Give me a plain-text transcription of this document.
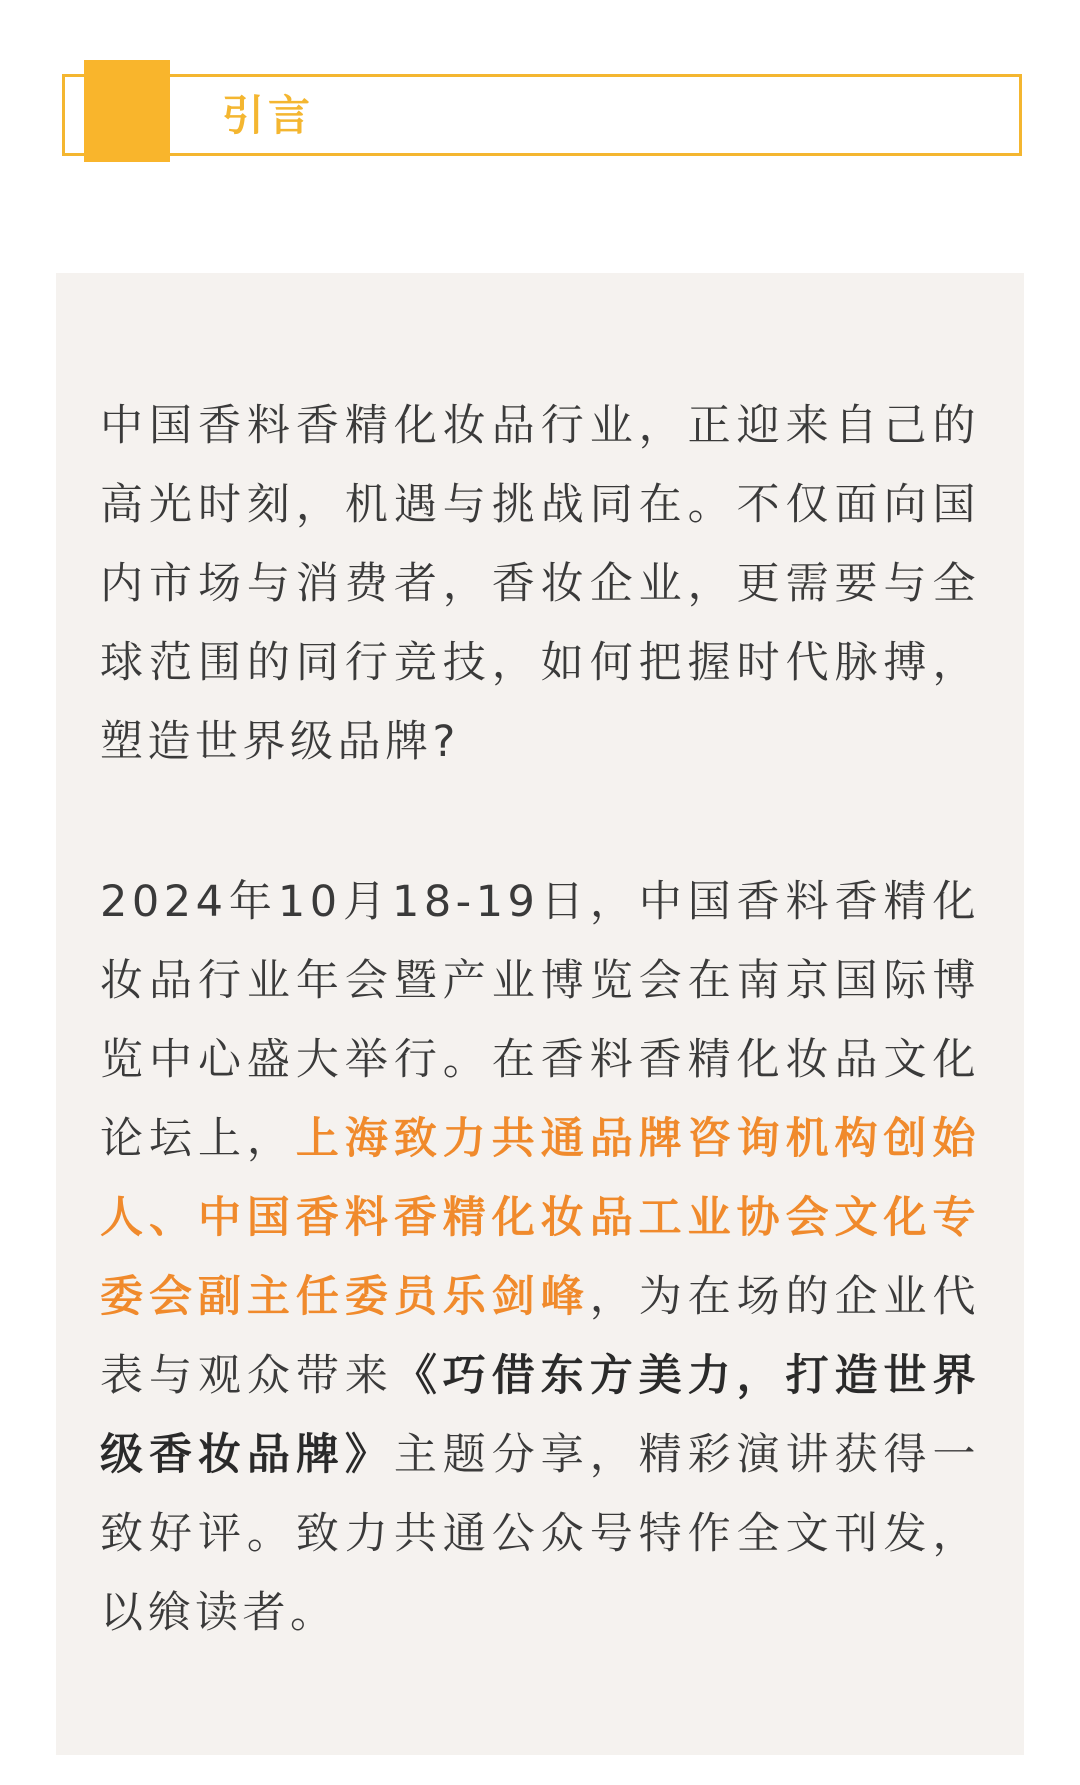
引言

中国香料香精化妆品行业，正迎来自己的高光时刻，机遇与挑战同在。不仅面向国内市场与消费者，香妆企业，更需要与全球范围的同行竞技，如何把握时代脉搏，塑造世界级品牌?

2024年10月18-19日，中国香料香精化妆品行业年会暨产业博览会在南京国际博览中心盛大举行。在香料香精化妆品文化论坛上，上海致力共通品牌咨询机构创始人、中国香料香精化妆品工业协会文化专委会副主任委员乐剑峰，为在场的企业代表与观众带来《巧借东方美力，打造世界级香妆品牌》主题分享，精彩演讲获得一致好评。致力共通公众号特作全文刊发，以飨读者。
